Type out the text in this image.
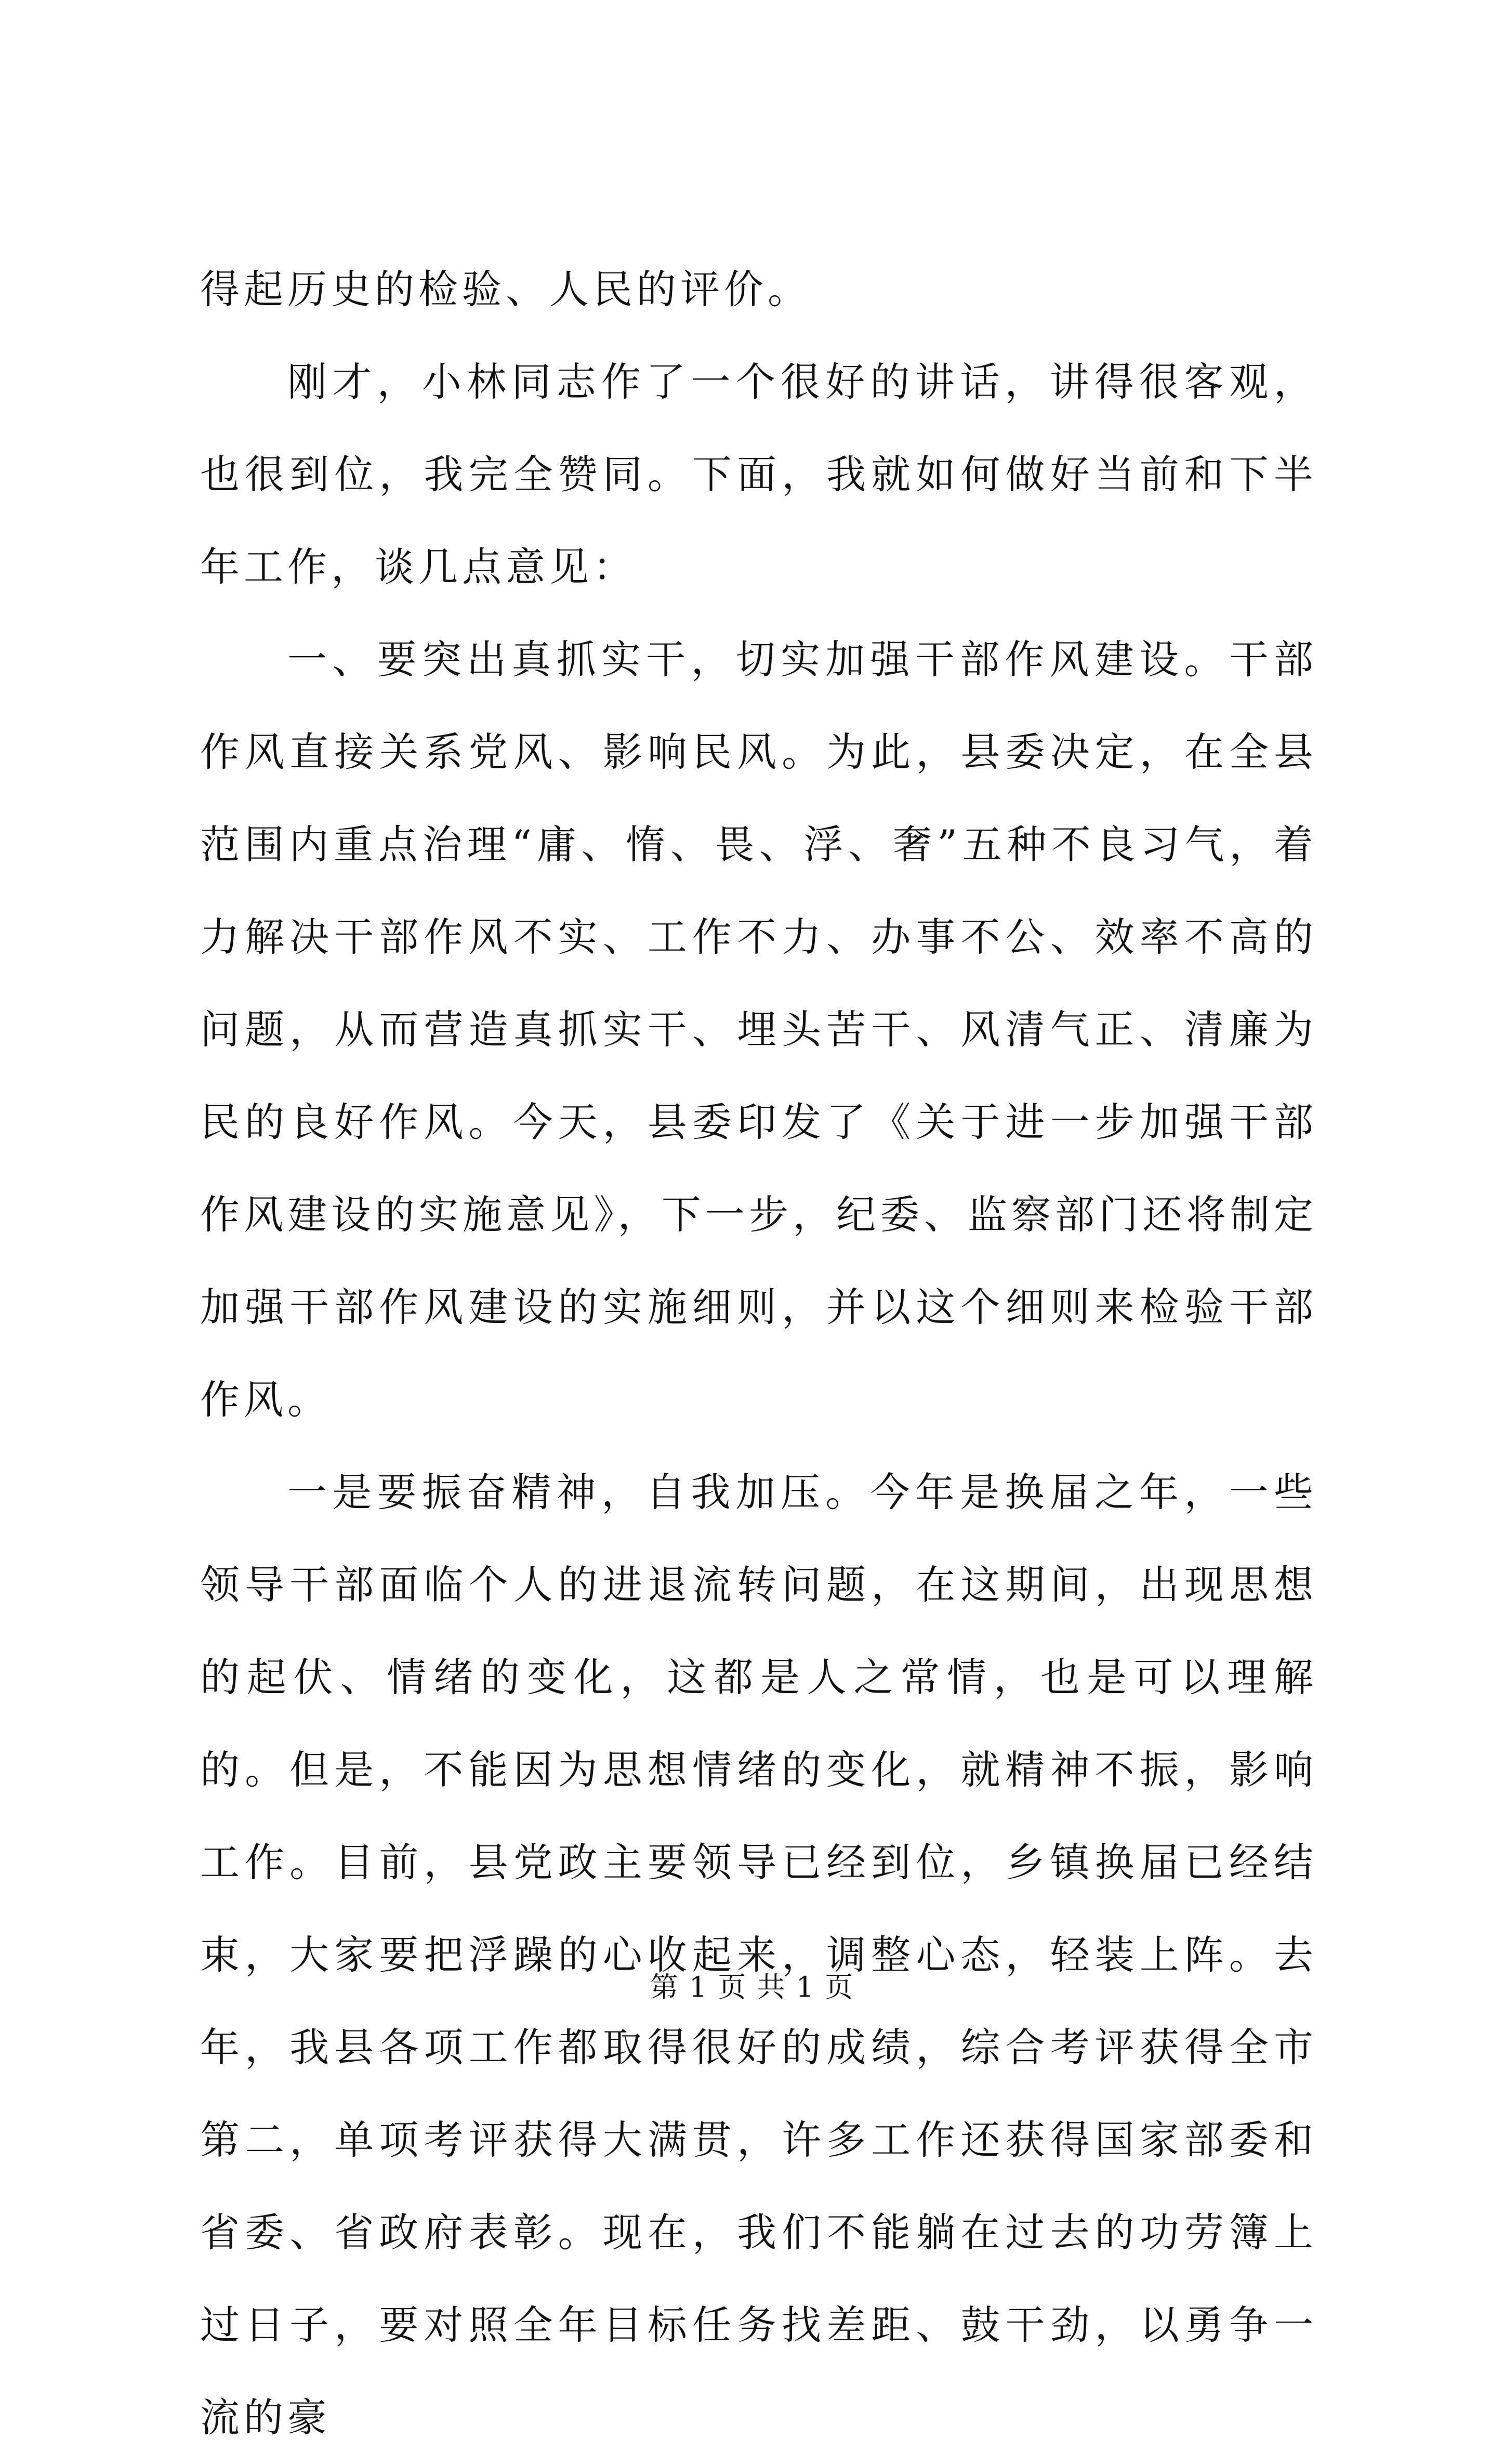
得起历史的检验、人民的评价。

刚才，小林同志作了一个很好的讲话，讲得很客观，也很到位，我完全赞同。下面，我就如何做好当前和下半年工作，谈几点意见：

一、要突出真抓实干，切实加强干部作风建设。干部作风直接关系党风、影响民风。为此，县委决定，在全县范围内重点治理“庸、惰、畏、浮、奢”五种不良习气，着力解决干部作风不实、工作不力、办事不公、效率不高的问题，从而营造真抓实干、埋头苦干、风清气正、清廉为民的良好作风。今天，县委印发了《关于进一步加强干部作风建设的实施意见》，下一步，纪委、监察部门还将制定加强干部作风建设的实施细则，并以这个细则来检验干部作风。

一是要振奋精神，自我加压。今年是换届之年，一些领导干部面临个人的进退流转问题，在这期间，出现思想的起伏、情绪的变化，这都是人之常情，也是可以理解的。但是，不能因为思想情绪的变化，就精神不振，影响工作。目前，县党政主要领导已经到位，乡镇换届已经结束，大家要把浮躁的心收起来，调整心态，轻装上阵。去年，我县各项工作都取得很好的成绩，综合考评获得全市第二，单项考评获得大满贯，许多工作还获得国家部委和省委、省政府表彰。现在，我们不能躺在过去的功劳簿上过日子，要对照全年目标任务找差距、鼓干劲，以勇争一流的豪

第 1 页 共 1 页
